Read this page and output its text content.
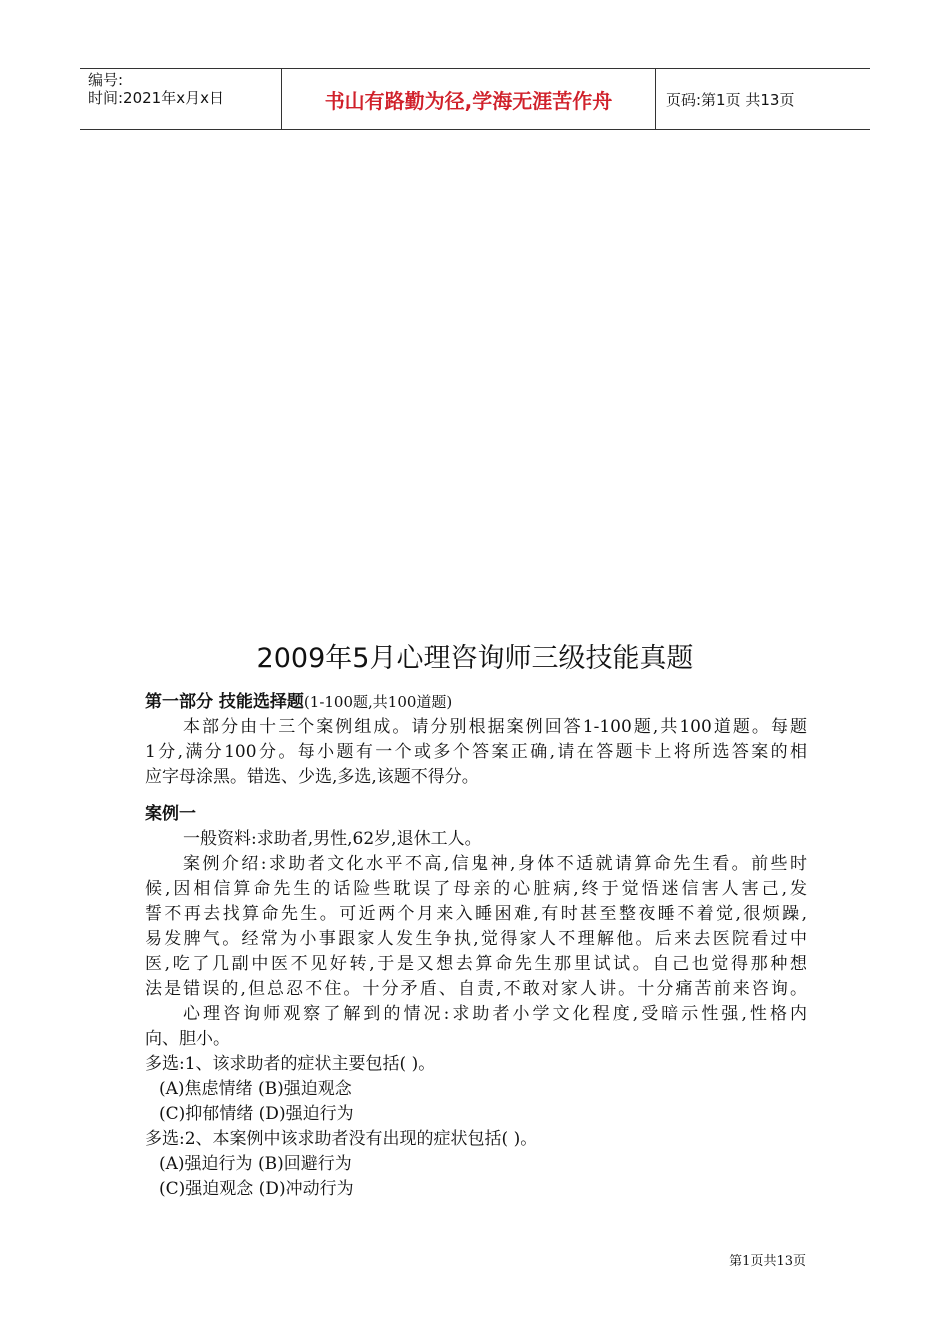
编号:
时间:2021年x月x日	书山有路勤为径,学海无涯苦作舟	页码:第1页 共13页
2009年5月心理咨询师三级技能真题
第一部分 技能选择题(1-100题,共100道题)
本部分由十三个案例组成。请分别根据案例回答1-100题,共100道题。每题
1分,满分100分。每小题有一个或多个答案正确,请在答题卡上将所选答案的相
应字母涂黑。错选、少选,多选,该题不得分。
案例一
一般资料:求助者,男性,62岁,退休工人。
案例介绍:求助者文化水平不高,信鬼神,身体不适就请算命先生看。前些时
候,因相信算命先生的话险些耽误了母亲的心脏病,终于觉悟迷信害人害己,发
誓不再去找算命先生。可近两个月来入睡困难,有时甚至整夜睡不着觉,很烦躁,
易发脾气。经常为小事跟家人发生争执,觉得家人不理解他。后来去医院看过中
医,吃了几副中医不见好转,于是又想去算命先生那里试试。自己也觉得那种想
法是错误的,但总忍不住。十分矛盾、自责,不敢对家人讲。十分痛苦前来咨询。
心理咨询师观察了解到的情况:求助者小学文化程度,受暗示性强,性格内
向、胆小。
多选:1、该求助者的症状主要包括( )。
(A)焦虑情绪 (B)强迫观念
(C)抑郁情绪 (D)强迫行为
多选:2、本案例中该求助者没有出现的症状包括( )。
(A)强迫行为 (B)回避行为
(C)强迫观念 (D)冲动行为
第1页共13页
